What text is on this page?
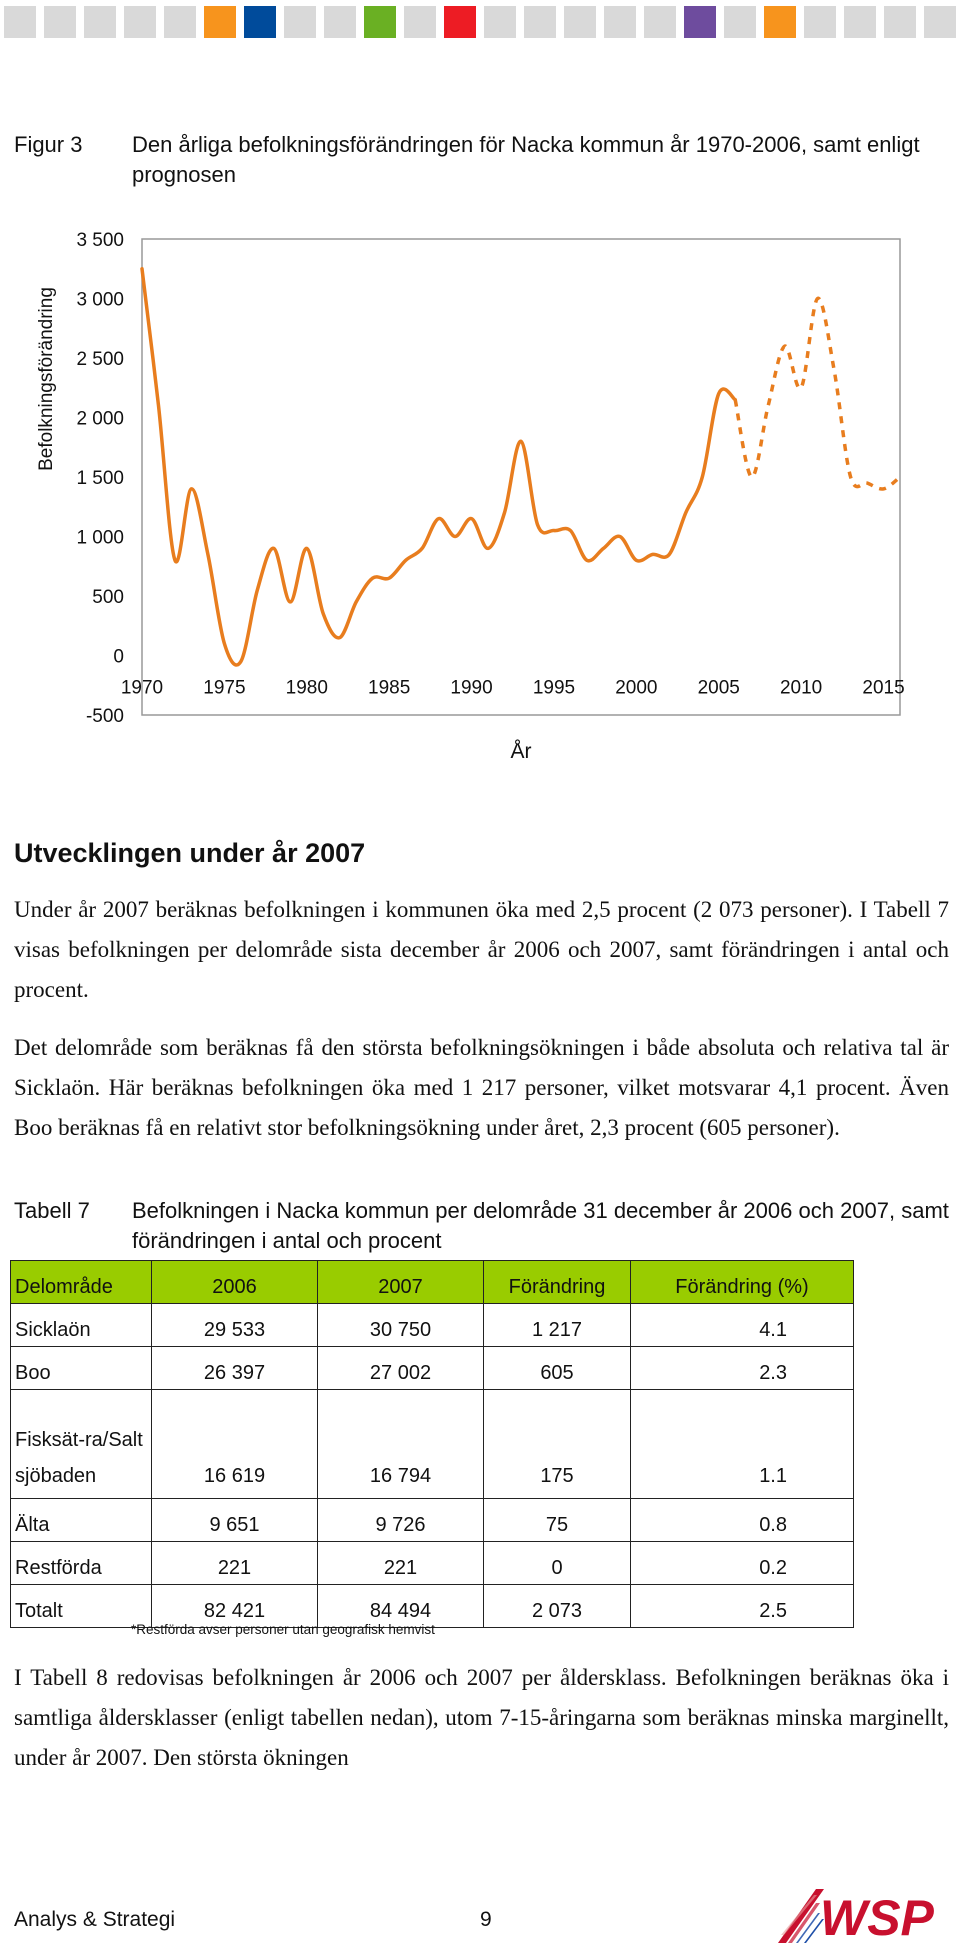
Figur 3 Den årliga befolkningsförändringen för Nacka kommun år 1970-2006, samt enligt prognosen
3 500
3 000
2 500
2 000
1 500
1 000
500
0
-500
1970 1975 1980 1985 1990 1995 2000 2005 2010 2015
År
Befolkningsförändring
Utvecklingen under år 2007
Under år 2007 beräknas befolkningen i kommunen öka med 2,5 procent (2 073 personer). I Tabell 7 visas befolkningen per delområde sista december år 2006 och 2007, samt förändringen i antal och procent.
Det delområde som beräknas få den största befolkningsökningen i både absoluta och relativa tal är Sicklaön. Här beräknas befolkningen öka med 1 217 personer, vilket motsvarar 4,1 procent. Även Boo beräknas få en relativt stor befolkningsökning under året, 2,3 procent (605 personer).
Tabell 7 Befolkningen i Nacka kommun per delområde 31 december år 2006 och 2007, samt förändringen i antal och procent
Delområde	2006	2007	Förändring	Förändring (%)
Sicklaön	29 533	30 750	1 217	4.1
Boo	26 397	27 002	605	2.3
Fisksät-ra/Saltsjöbaden	16 619	16 794	175	1.1
Älta	9 651	9 726	75	0.8
Restförda	221	221	0	0.2
Totalt	82 421	84 494	2 073	2.5
*Restförda avser personer utan geografisk hemvist
I Tabell 8 redovisas befolkningen år 2006 och 2007 per åldersklass. Befolkningen beräknas öka i samtliga åldersklasser (enligt tabellen nedan), utom 7-15-åringarna som beräknas minska marginellt, under år 2007. Den största ökningen
Analys & Strategi	9	WSP
